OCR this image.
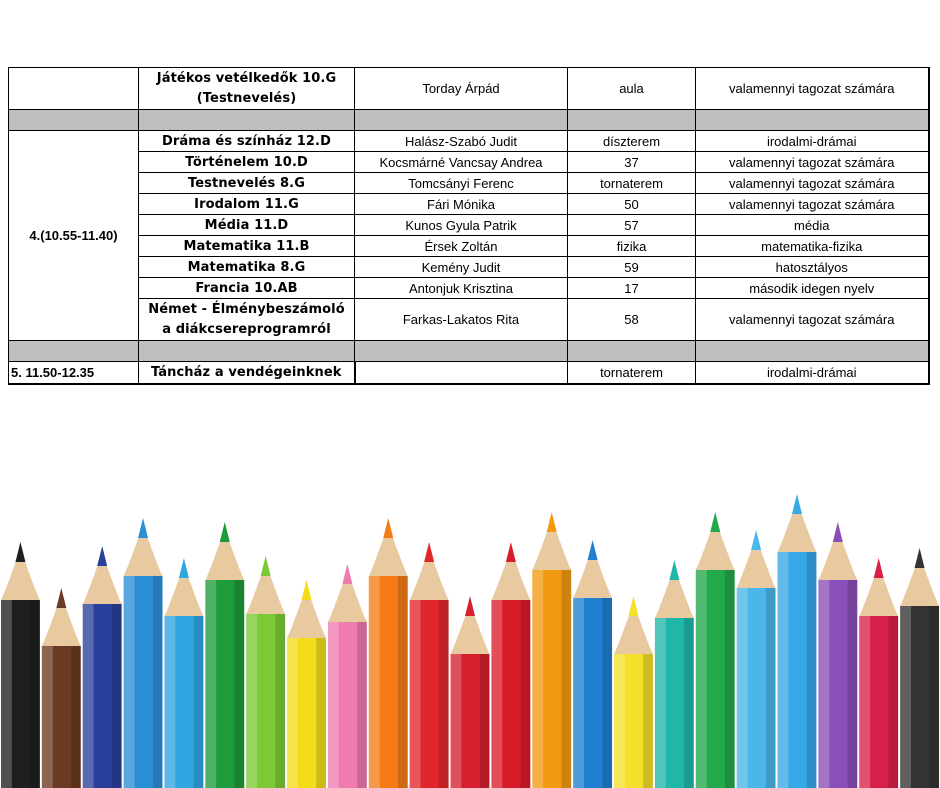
	Játékos vetélkedők 10.G (Testnevelés)	Torday Árpád	aula	valamennyi tagozat számára

4.(10.55-11.40)	Dráma és színház 12.D	Halász-Szabó Judit	díszterem	irodalmi-drámai
	Történelem 10.D	Kocsmárné Vancsay Andrea	37	valamennyi tagozat számára
	Testnevelés 8.G	Tomcsányi Ferenc	tornaterem	valamennyi tagozat számára
	Irodalom 11.G	Fári Mónika	50	valamennyi tagozat számára
	Média 11.D	Kunos Gyula Patrik	57	média
	Matematika 11.B	Érsek Zoltán	fizika	matematika-fizika
	Matematika 8.G	Kemény Judit	59	hatosztályos
	Francia 10.AB	Antonjuk Krisztina	17	második idegen nyelv
	Német - Élménybeszámoló a diákcsereprogramról	Farkas-Lakatos Rita	58	valamennyi tagozat számára

5. 11.50-12.35	Táncház a vendégeinknek		tornaterem	irodalmi-drámai
